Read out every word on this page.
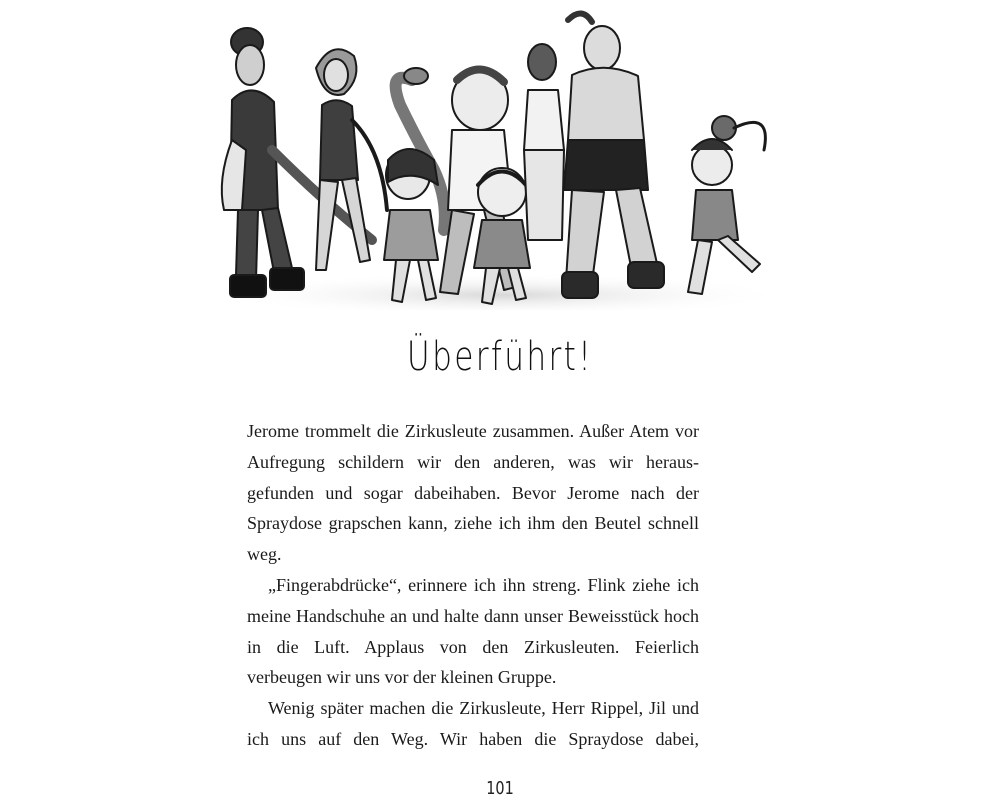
Überführt!

Jerome trommelt die Zirkusleute zusammen. Außer Atem vor Aufregung schildern wir den anderen, was wir herausgefunden und sogar dabeihaben. Bevor Jerome nach der Spraydose grapschen kann, ziehe ich ihm den Beutel schnell weg.

„Fingerabdrücke“, erinnere ich ihn streng. Flink ziehe ich meine Handschuhe an und halte dann unser Beweisstück hoch in die Luft. Applaus von den Zirkusleuten. Feierlich verbeugen wir uns vor der kleinen Gruppe.

Wenig später machen die Zirkusleute, Herr Rippel, Jil und ich uns auf den Weg. Wir haben die Spraydose dabei,

101
